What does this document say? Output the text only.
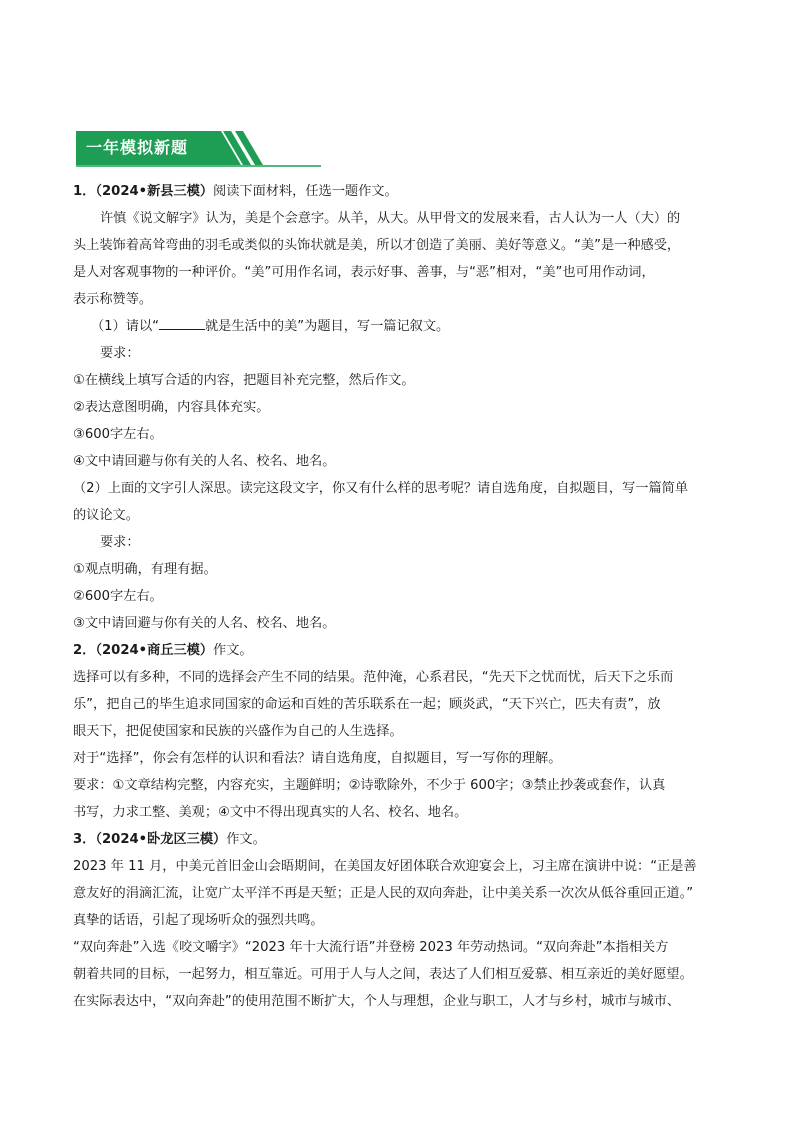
一年模拟新题

1．（2024•新县三模）阅读下面材料，任选一题作文。

许慎《说文解字》认为，美是个会意字。从羊，从大。从甲骨文的发展来看，古人认为一人（大）的

头上装饰着高耸弯曲的羽毛或类似的头饰状就是美，所以才创造了美丽、美好等意义。“美”是一种感受，

是人对客观事物的一种评价。“美”可用作名词，表示好事、善事，与“恶”相对，“美”也可用作动词，

表示称赞等。

（1）请以“	就是生活中的美”为题目，写一篇记叙文。

要求：

①在横线上填写合适的内容，把题目补充完整，然后作文。

②表达意图明确，内容具体充实。

③600字左右。

④文中请回避与你有关的人名、校名、地名。

（2）上面的文字引人深思。读完这段文字，你又有什么样的思考呢？请自选角度，自拟题目，写一篇简单

的议论文。

要求：

①观点明确，有理有据。

②600字左右。

③文中请回避与你有关的人名、校名、地名。

2．（2024•商丘三模）作文。

选择可以有多种，不同的选择会产生不同的结果。范仲淹，心系君民，“先天下之忧而忧，后天下之乐而

乐”，把自己的毕生追求同国家的命运和百姓的苦乐联系在一起；顾炎武，“天下兴亡，匹夫有责”，放

眼天下，把促使国家和民族的兴盛作为自己的人生选择。

对于“选择”，你会有怎样的认识和看法？请自选角度，自拟题目，写一写你的理解。

要求：①文章结构完整，内容充实，主题鲜明；②诗歌除外，不少于 600字；③禁止抄袭或套作，认真

书写，力求工整、美观；④文中不得出现真实的人名、校名、地名。

3．（2024•卧龙区三模）作文。

2023 年 11 月，中美元首旧金山会晤期间，在美国友好团体联合欢迎宴会上，习主席在演讲中说：“正是善

意友好的涓滴汇流，让宽广太平洋不再是天堑；正是人民的双向奔赴，让中美关系一次次从低谷重回正道。”

真挚的话语，引起了现场听众的强烈共鸣。

“双向奔赴”入选《咬文嚼字》“2023 年十大流行语”并登榜 2023 年劳动热词。“双向奔赴”本指相关方

朝着共同的目标，一起努力，相互靠近。可用于人与人之间，表达了人们相互爱慕、相互亲近的美好愿望。

在实际表达中，“双向奔赴”的使用范围不断扩大，个人与理想，企业与职工，人才与乡村，城市与城市、
